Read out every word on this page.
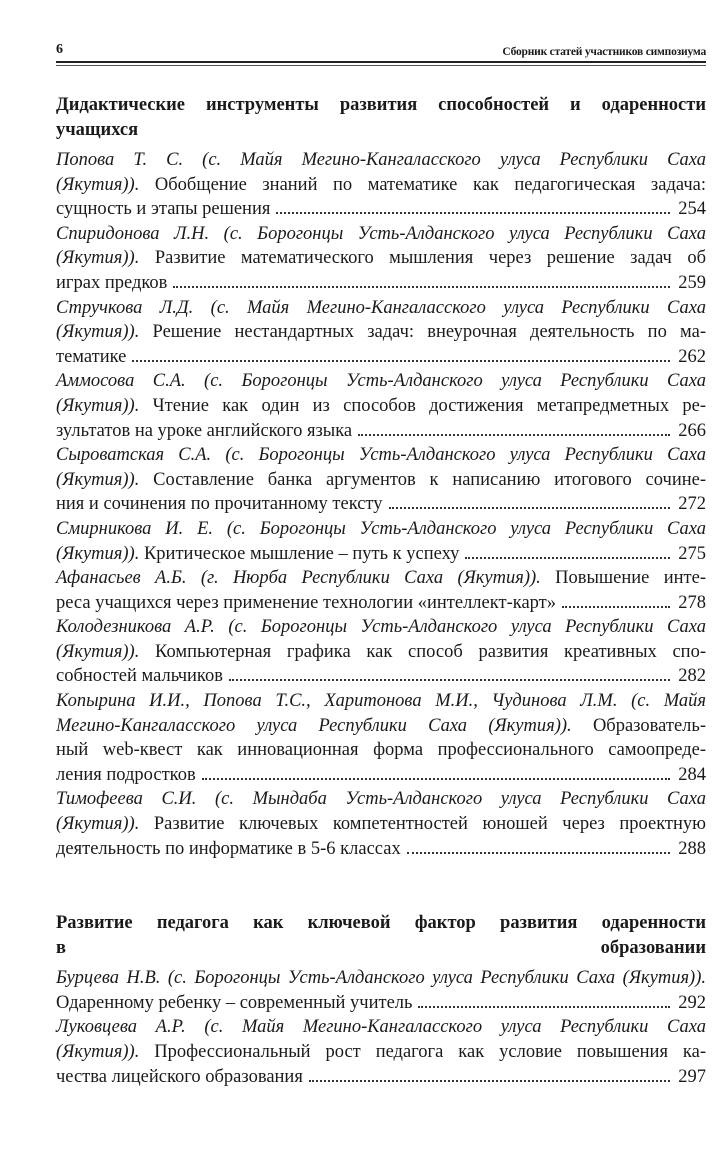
6	Сборник статей участников симпозиума
Дидактические инструменты развития способностей и одаренности
учащихся
Попова Т. С. (с. Майя Мегино-Кангаласского улуса Республики Саха
(Якутия)). Обобщение знаний по математике как педагогическая задача:
сущность и этапы решения	254
Спиридонова Л.Н. (с. Борогонцы Усть-Алданского улуса Республики Саха
(Якутия)). Развитие математического мышления через решение задач об
играх предков	259
Стручкова Л.Д. (с. Майя Мегино-Кангаласского улуса Республики Саха
(Якутия)). Решение нестандартных задач: внеурочная деятельность по ма-
тематике	262
Аммосова С.А. (с. Борогонцы Усть-Алданского улуса Республики Саха
(Якутия)). Чтение как один из способов достижения метапредметных ре-
зультатов на уроке английского языка	266
Сыроватская С.А. (с. Борогонцы Усть-Алданского улуса Республики Саха
(Якутия)). Составление банка аргументов к написанию итогового сочине-
ния и сочинения по прочитанному тексту	272
Смирникова И. Е. (с. Борогонцы Усть-Алданского улуса Республики Саха
(Якутия)). Критическое мышление – путь к успеху	275
Афанасьев А.Б. (г. Нюрба Республики Саха (Якутия)). Повышение инте-
реса учащихся через применение технологии «интеллект-карт»	278
Колодезникова А.Р. (с. Борогонцы Усть-Алданского улуса Республики Саха
(Якутия)). Компьютерная графика как способ развития креативных спо-
собностей мальчиков	282
Копырина И.И., Попова Т.С., Харитонова М.И., Чудинова Л.М. (с. Майя
Мегино-Кангаласского улуса Республики Саха (Якутия)). Образователь-
ный web-квест как инновационная форма профессионального самоопреде-
ления подростков	284
Тимофеева С.И. (с. Мындаба Усть-Алданского улуса Республики Саха
(Якутия)). Развитие ключевых компетентностей юношей через проектную
деятельность по информатике в 5-6 классах	288
Развитие педагога как ключевой фактор развития одаренности
в образовании
Бурцева Н.В. (с. Борогонцы Усть-Алданского улуса Республики Саха (Якутия)).
Одаренному ребенку – современный учитель	292
Луковцева А.Р. (с. Майя Мегино-Кангаласского улуса Республики Саха
(Якутия)). Профессиональный рост педагога как условие повышения ка-
чества лицейского образования	297
